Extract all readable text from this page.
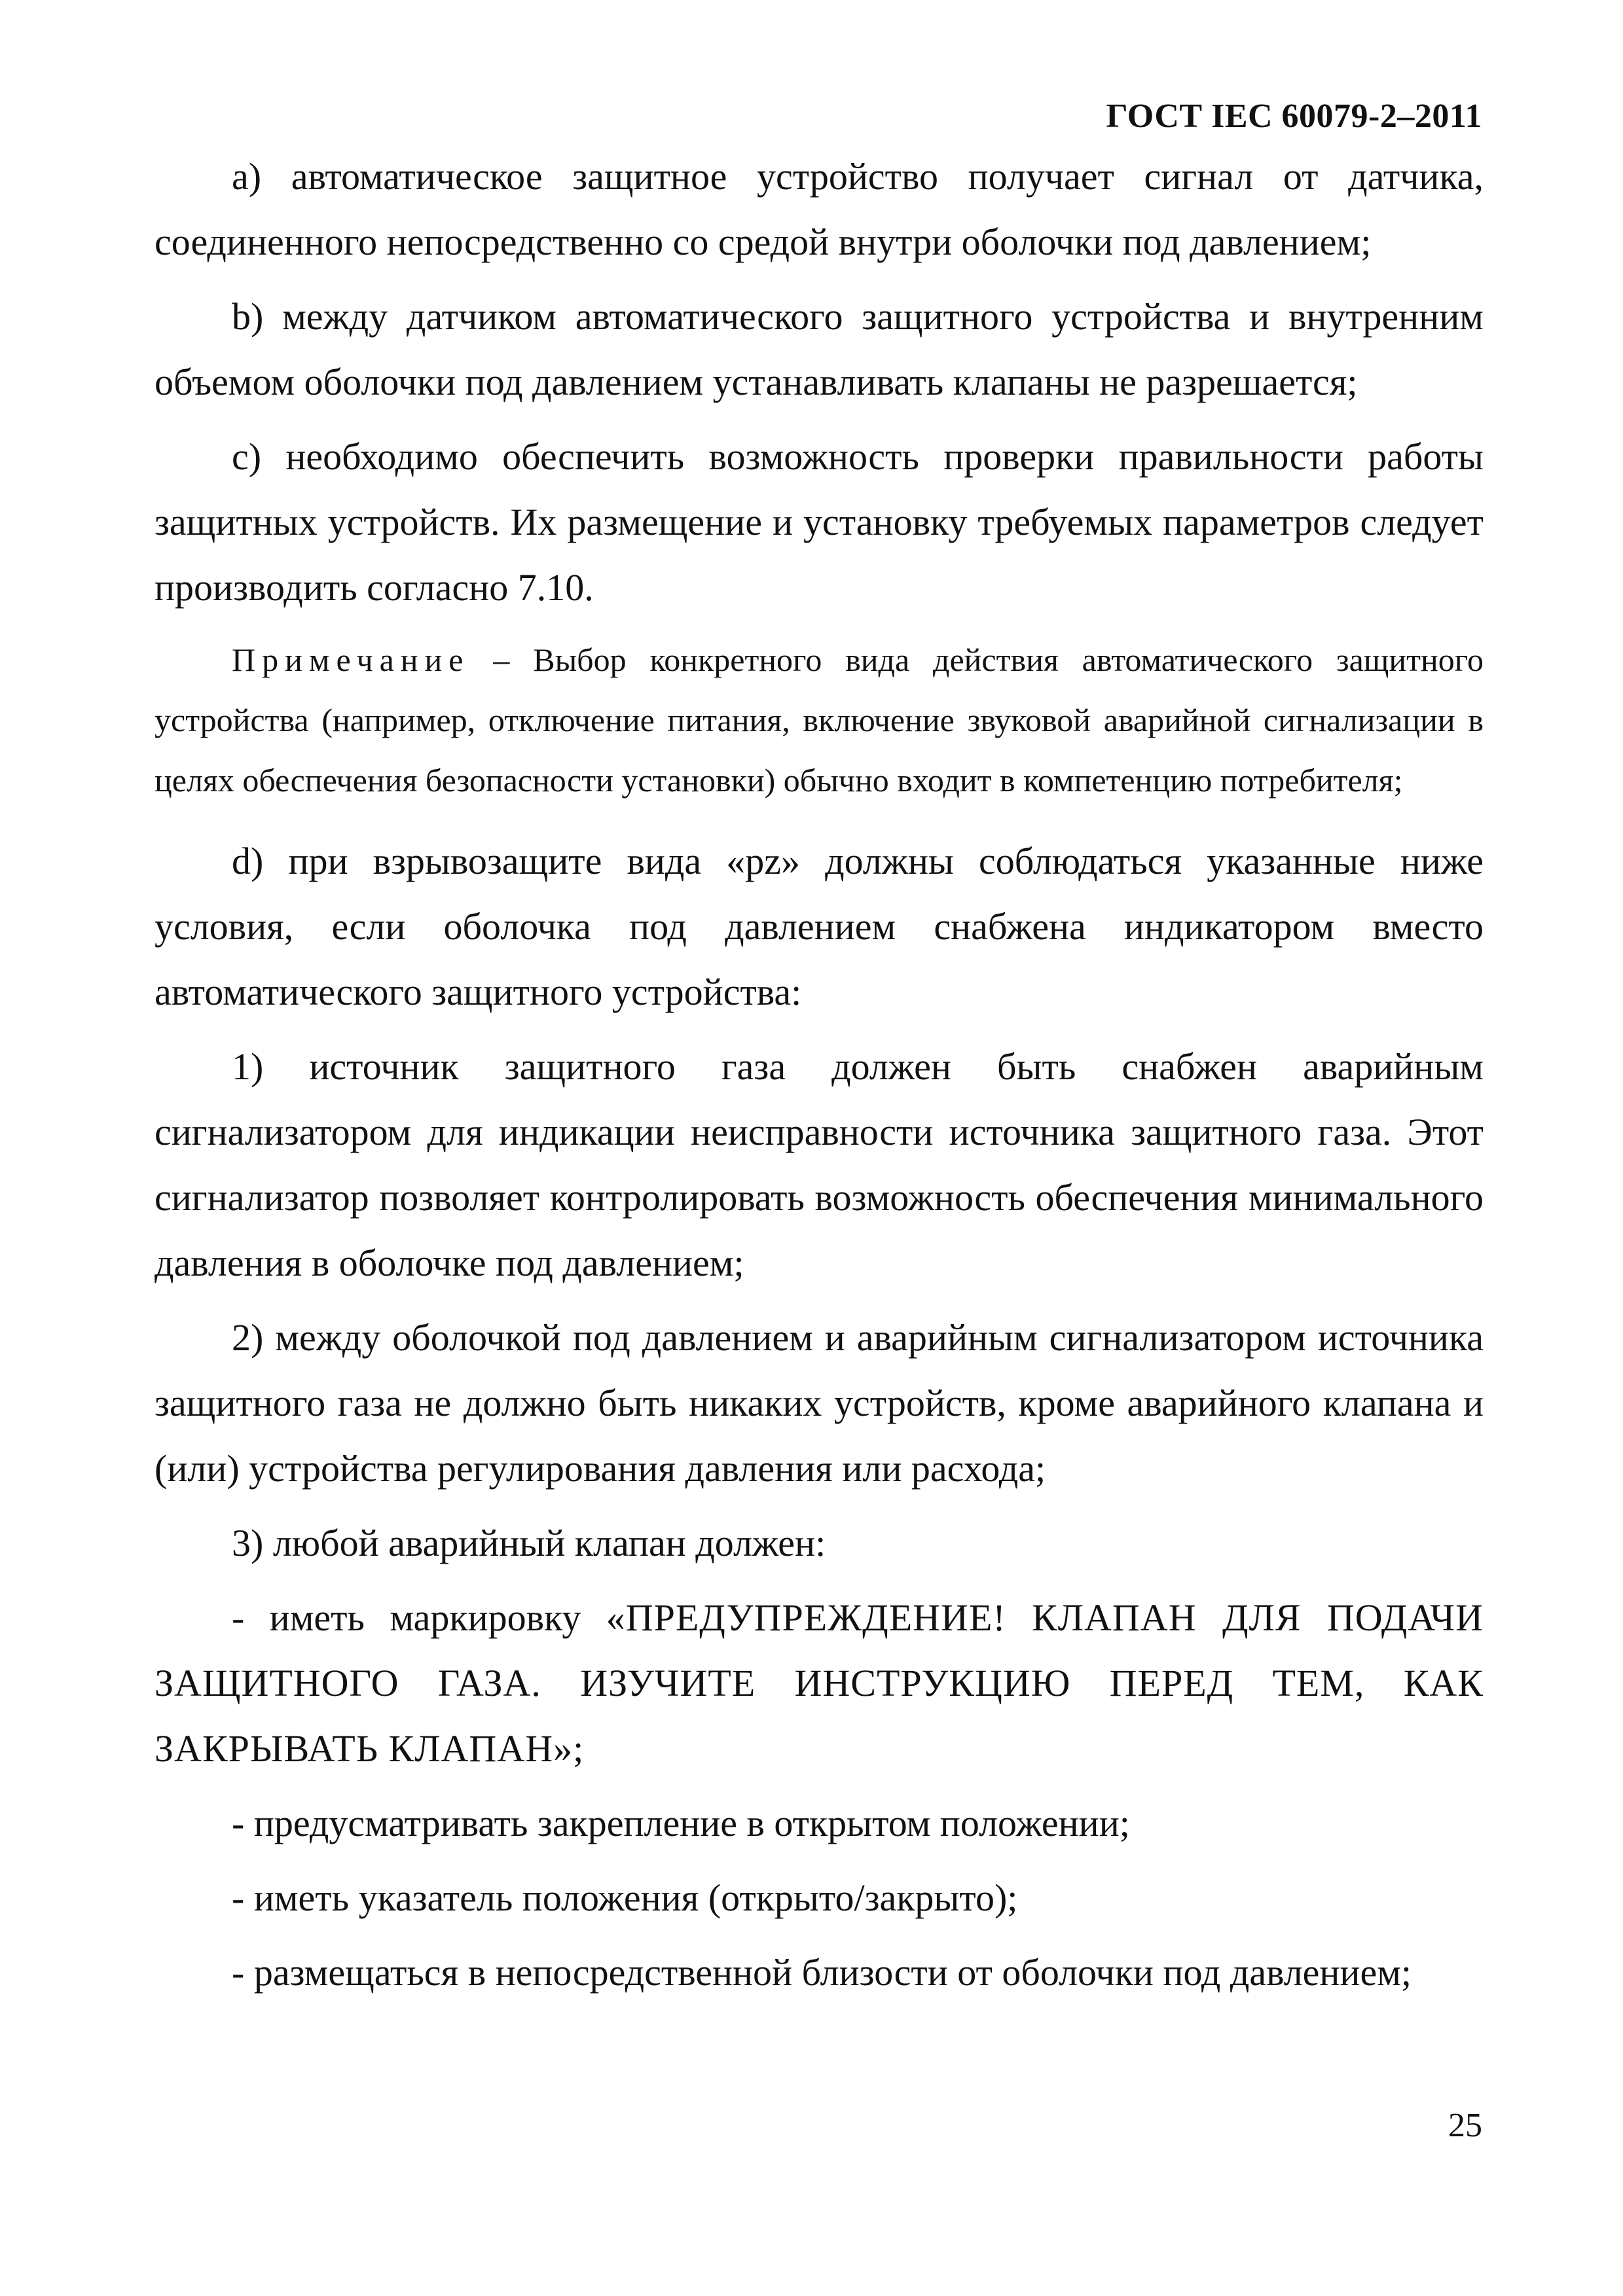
ГОСТ IEC 60079-2–2011

а) автоматическое защитное устройство получает сигнал от датчика, соединенного непосредственно со средой внутри оболочки под давлением;

b) между датчиком автоматического защитного устройства и внутренним объемом оболочки под давлением устанавливать клапаны не разрешается;

с) необходимо обеспечить возможность проверки правильности работы защитных устройств. Их размещение и установку требуемых параметров следует производить согласно 7.10.

Примечание – Выбор конкретного вида действия автоматического защитного устройства (например, отключение питания, включение звуковой аварийной сигнализации в целях обеспечения безопасности установки) обычно входит в компетенцию потребителя;

d) при взрывозащите вида «pz» должны соблюдаться указанные ниже условия, если оболочка под давлением снабжена индикатором вместо автоматического защитного устройства:

1) источник защитного газа должен быть снабжен аварийным сигнализатором для индикации неисправности источника защитного газа. Этот сигнализатор позволяет контролировать возможность обеспечения минимального давления в оболочке под давлением;

2) между оболочкой под давлением и аварийным сигнализатором источника защитного газа не должно быть никаких устройств, кроме аварийного клапана и (или) устройства регулирования давления или расхода;

3) любой аварийный клапан должен:

- иметь маркировку «ПРЕДУПРЕЖДЕНИЕ! КЛАПАН ДЛЯ ПОДАЧИ ЗАЩИТНОГО ГАЗА. ИЗУЧИТЕ ИНСТРУКЦИЮ ПЕРЕД ТЕМ, КАК ЗАКРЫВАТЬ КЛАПАН»;

- предусматривать закрепление в открытом положении;

- иметь указатель положения (открыто/закрыто);

- размещаться в непосредственной близости от оболочки под давлением;

25
